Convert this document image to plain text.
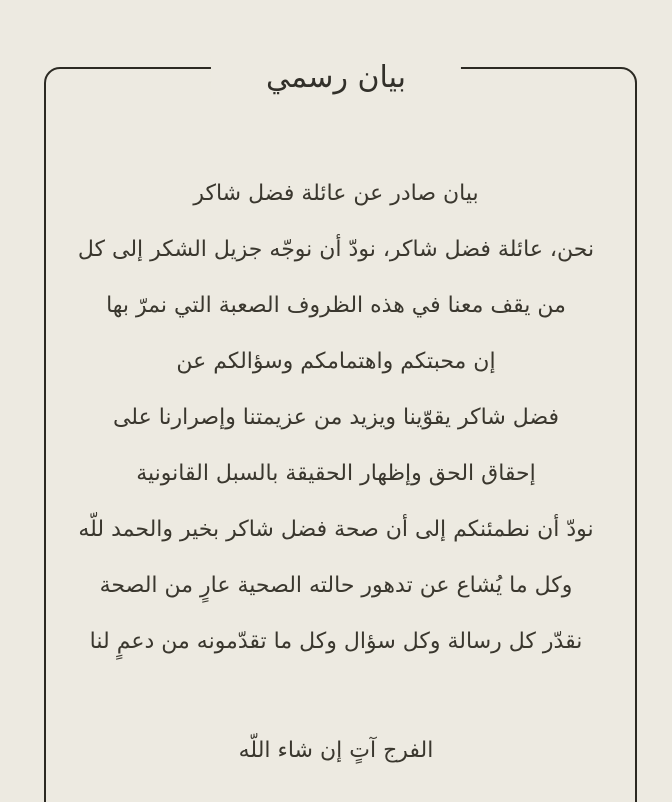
بيان رسمي

بيان صادر عن عائلة فضل شاكر

نحن، عائلة فضل شاكر، نودّ أن نوجّه جزيل الشكر إلى كل

من يقف معنا في هذه الظروف الصعبة التي نمرّ بها

إن محبتكم واهتمامكم وسؤالكم عن

فضل شاكر يقوّينا ويزيد من عزيمتنا وإصرارنا على

إحقاق الحق وإظهار الحقيقة بالسبل القانونية

نودّ أن نطمئنكم إلى أن صحة فضل شاكر بخير والحمد للّه

وكل ما يُشاع عن تدهور حالته الصحية عارٍ من الصحة

نقدّر كل رسالة وكل سؤال وكل ما تقدّمونه من دعمٍ لنا

الفرج آتٍ إن شاء اللّه
